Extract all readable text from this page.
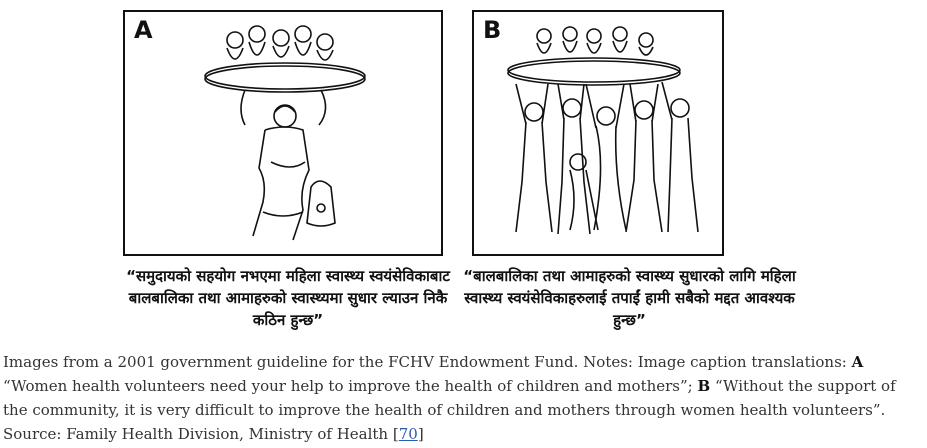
A	B
“समुदायको सहयोग नभएमा महिला स्वास्थ्य स्वयंसेविकाबाट बालबालिका तथा आमाहरुको स्वास्थ्यमा सुधार ल्याउन निकै कठिन हुन्छ”
“बालबालिका तथा आमाहरुको स्वास्थ्य सुधारको लागि महिला स्वास्थ्य स्वयंसेविकाहरुलाई तपाईं हामी सबैको मद्दत आवश्यक हुन्छ”
Images from a 2001 government guideline for the FCHV Endowment Fund. Notes: Image caption translations: A “Women health volunteers need your help to improve the health of children and mothers”; B “Without the support of the community, it is very difficult to improve the health of children and mothers through women health volunteers”. Source: Family Health Division, Ministry of Health [70]
